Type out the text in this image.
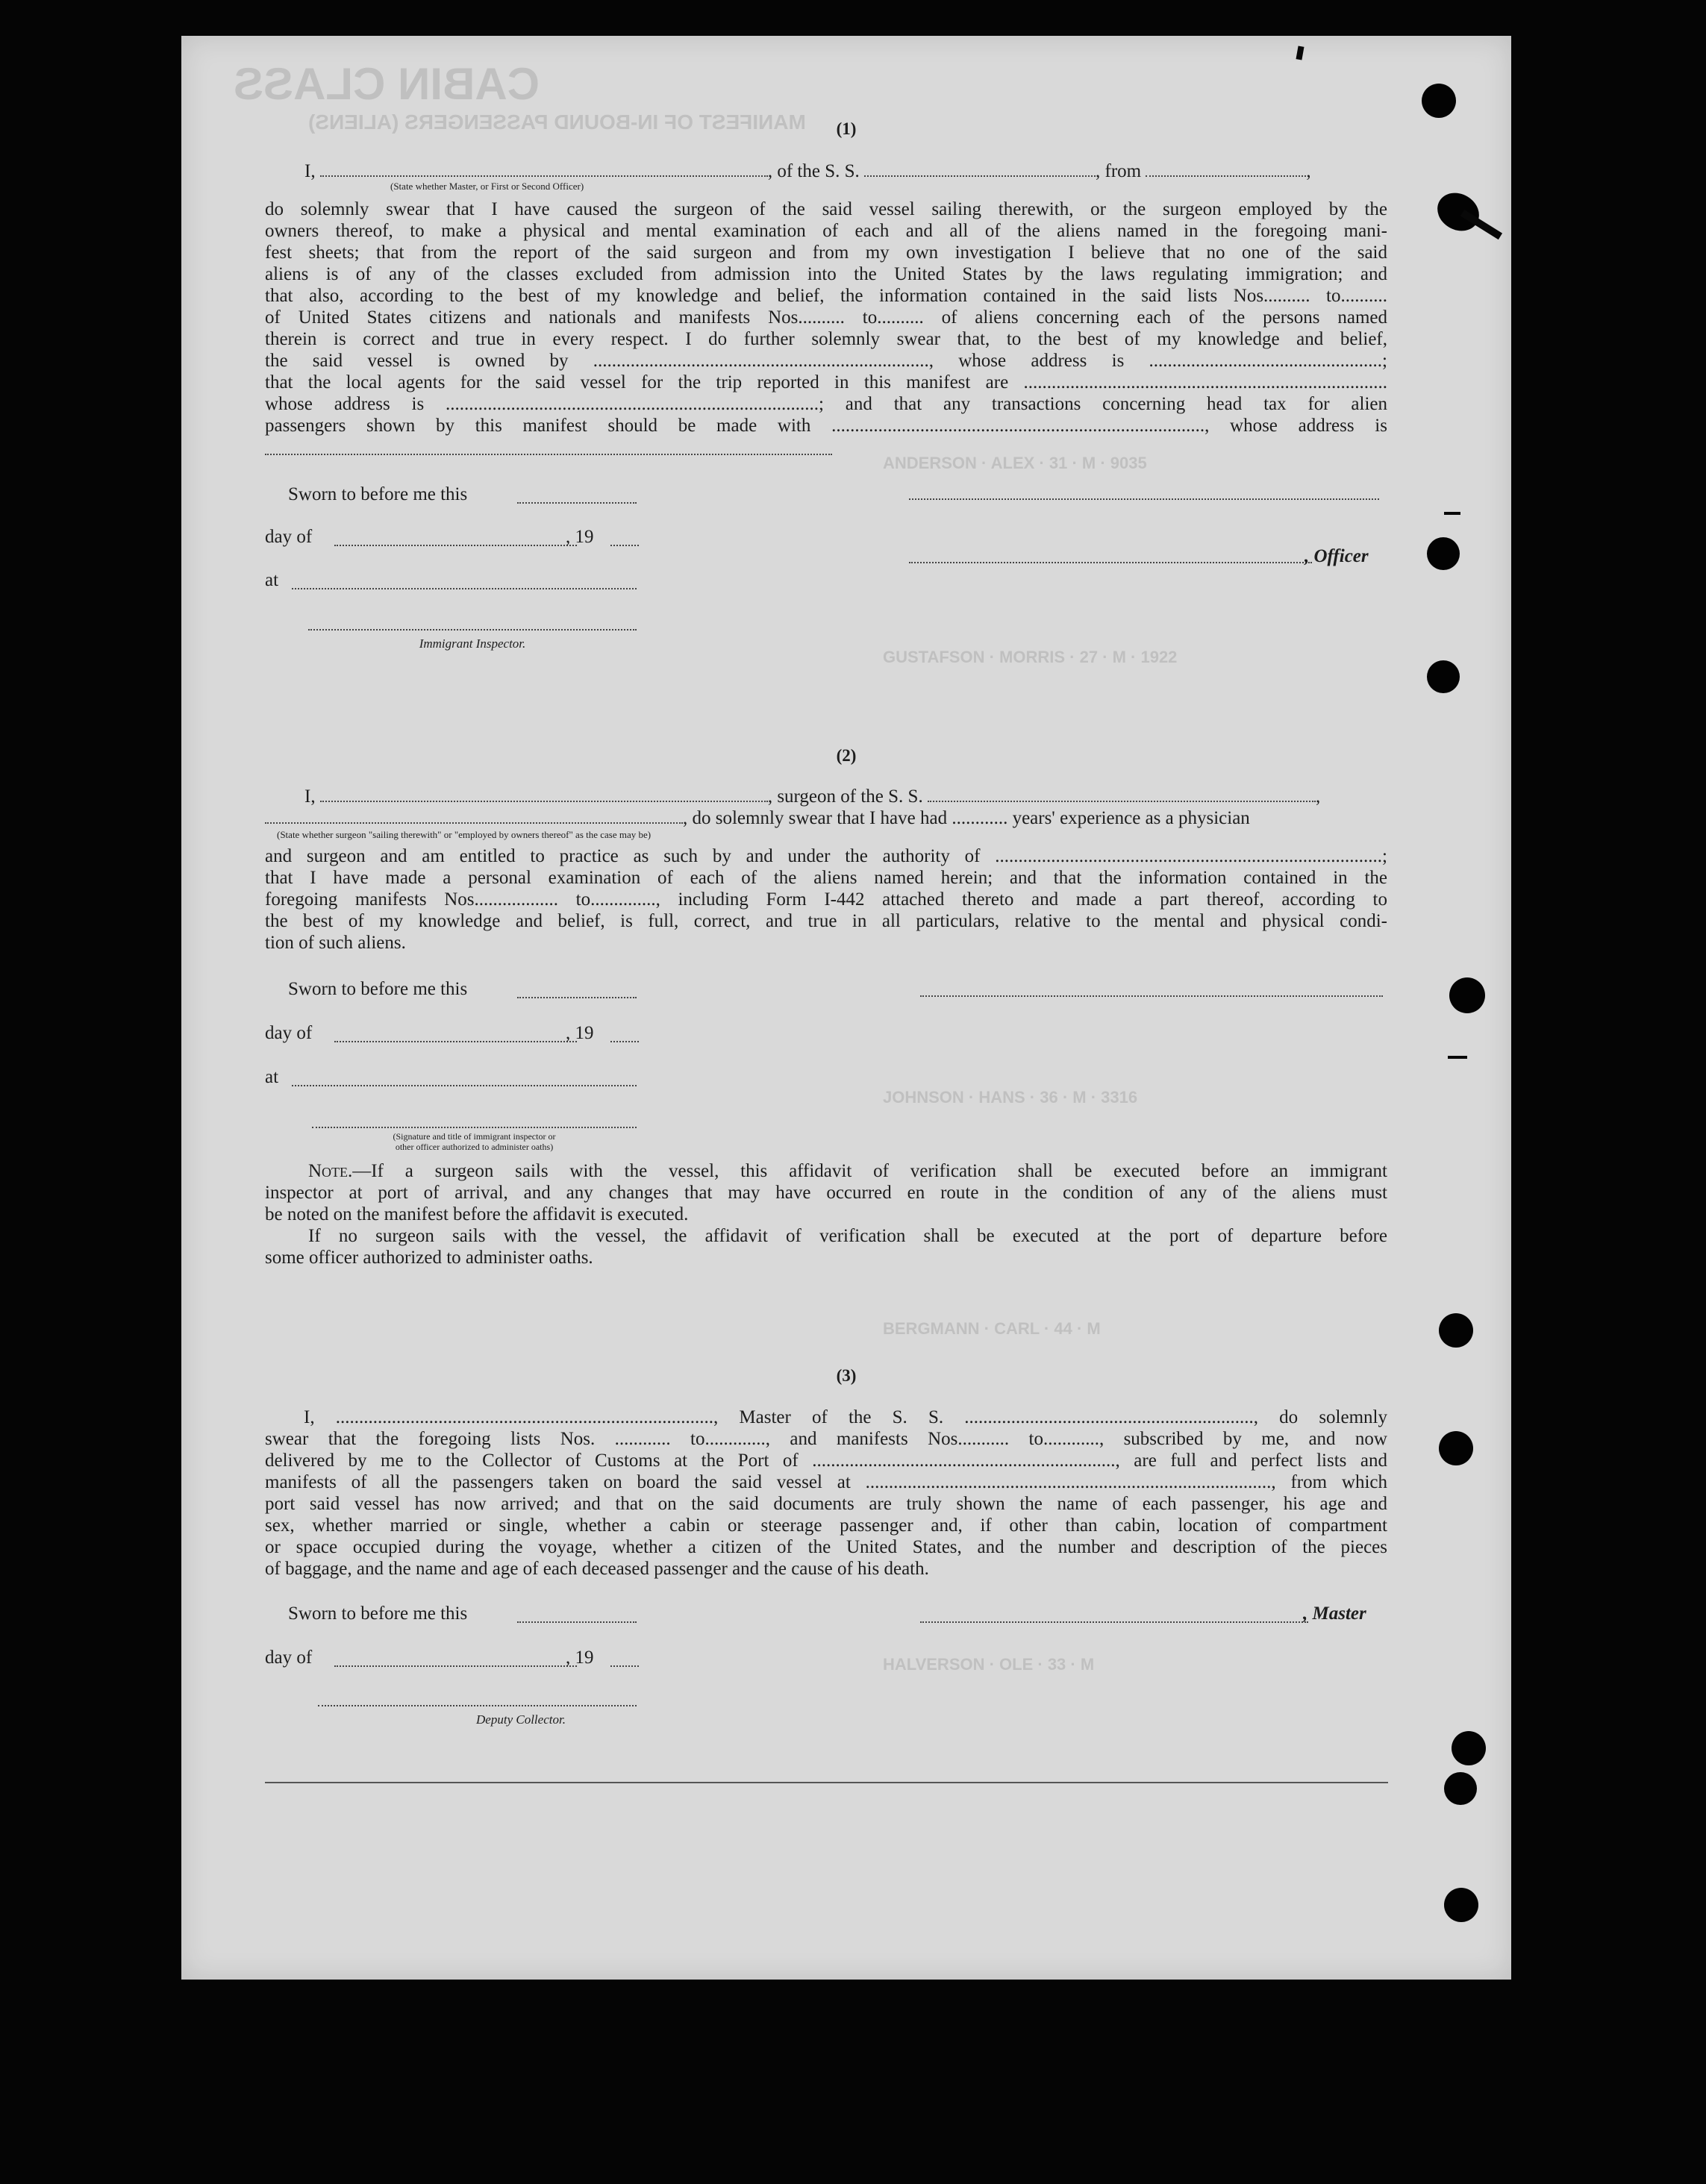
CABIN CLASS
MANIFEST OF IN-BOUND PASSENGERS (ALIENS)
ANDERSON · ALEX · 31 · M · 9035
GUSTAFSON · MORRIS · 27 · M · 1922
JOHNSON · HANS · 36 · M · 3316
BERGMANN · CARL · 44 · M
HALVERSON · OLE · 33 · M
(1)
I,	, of the S. S.	, from	,
(State whether Master, or First or Second Officer)
do solemnly swear that I have caused the surgeon of the said vessel sailing therewith, or the surgeon employed by the
owners thereof, to make a physical and mental examination of each and all of the aliens named in the foregoing mani-
fest sheets; that from the report of the said surgeon and from my own investigation I believe that no one of the said
aliens is of any of the classes excluded from admission into the United States by the laws regulating immigration; and
that also, according to the best of my knowledge and belief, the information contained in the said lists Nos.......... to..........
of United States citizens and nationals and manifests Nos.......... to.......... of aliens concerning each of the persons named
therein is correct and true in every respect. I do further solemnly swear that, to the best of my knowledge and belief,
the said vessel is owned by ........................................................................, whose address is ..................................................;
that the local agents for the said vessel for the trip reported in this manifest are ..............................................................................
whose address is ................................................................................; and that any transactions concerning head tax for alien
passengers shown by this manifest should be made with ................................................................................, whose address is
Sworn to before me this
day of	, 19
, Officer
at
Immigrant Inspector.
(2)
I,	, surgeon of the S. S.	,
, do solemnly swear that I have had ............ years' experience as a physician
(State whether surgeon "sailing therewith" or "employed by owners thereof" as the case may be)
and surgeon and am entitled to practice as such by and under the authority of ...................................................................................;
that I have made a personal examination of each of the aliens named herein; and that the information contained in the
foregoing manifests Nos.................. to.............., including Form I-442 attached thereto and made a part thereof, according to
the best of my knowledge and belief, is full, correct, and true in all particulars, relative to the mental and physical condi-
tion of such aliens.
Sworn to before me this
day of	, 19
at
(Signature and title of immigrant inspector or
other officer authorized to administer oaths)
Note.—If a surgeon sails with the vessel, this affidavit of verification shall be executed before an immigrant
inspector at port of arrival, and any changes that may have occurred en route in the condition of any of the aliens must
be noted on the manifest before the affidavit is executed.
If no surgeon sails with the vessel, the affidavit of verification shall be executed at the port of departure before
some officer authorized to administer oaths.
(3)
I, ................................................................................., Master of the S. S. .............................................................., do solemnly
swear that the foregoing lists Nos. ............ to............., and manifests Nos........... to............, subscribed by me, and now
delivered by me to the Collector of Customs at the Port of ................................................................., are full and perfect lists and
manifests of all the passengers taken on board the said vessel at ......................................................................................., from which
port said vessel has now arrived; and that on the said documents are truly shown the name of each passenger, his age and
sex, whether married or single, whether a cabin or steerage passenger and, if other than cabin, location of compartment
or space occupied during the voyage, whether a citizen of the United States, and the number and description of the pieces
of baggage, and the name and age of each deceased passenger and the cause of his death.
Sworn to before me this	, Master
day of	, 19
Deputy Collector.
